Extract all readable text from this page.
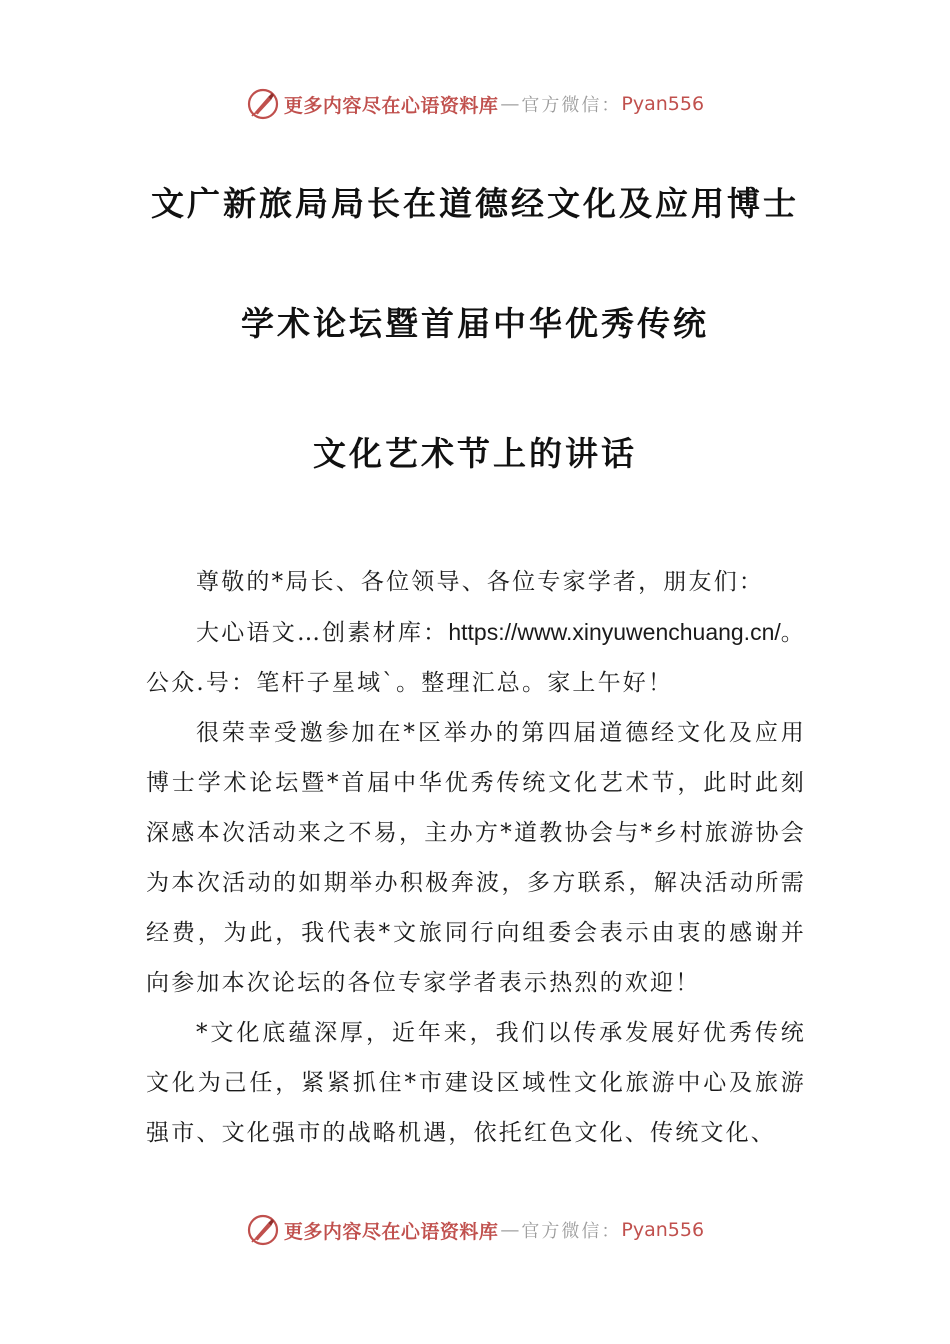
更多内容尽在心语资料库 — 官方微信： Pyan556
文广新旅局局长在道德经文化及应用博士
学术论坛暨首届中华优秀传统
文化艺术节上的讲话

尊敬的*局长、各位领导、各位专家学者，朋友们：

大心语文…创素材库：https://www.xinyuwenchuang.cn/。公众.号：笔杆子星域`。整理汇总。家上午好！

很荣幸受邀参加在*区举办的第四届道德经文化及应用博士学术论坛暨*首届中华优秀传统文化艺术节，此时此刻深感本次活动来之不易，主办方*道教协会与*乡村旅游协会为本次活动的如期举办积极奔波，多方联系，解决活动所需经费，为此，我代表*文旅同行向组委会表示由衷的感谢并向参加本次论坛的各位专家学者表示热烈的欢迎！

*文化底蕴深厚，近年来，我们以传承发展好优秀传统文化为己任，紧紧抓住*市建设区域性文化旅游中心及旅游强市、文化强市的战略机遇，依托红色文化、传统文化、

更多内容尽在心语资料库 — 官方微信： Pyan556
